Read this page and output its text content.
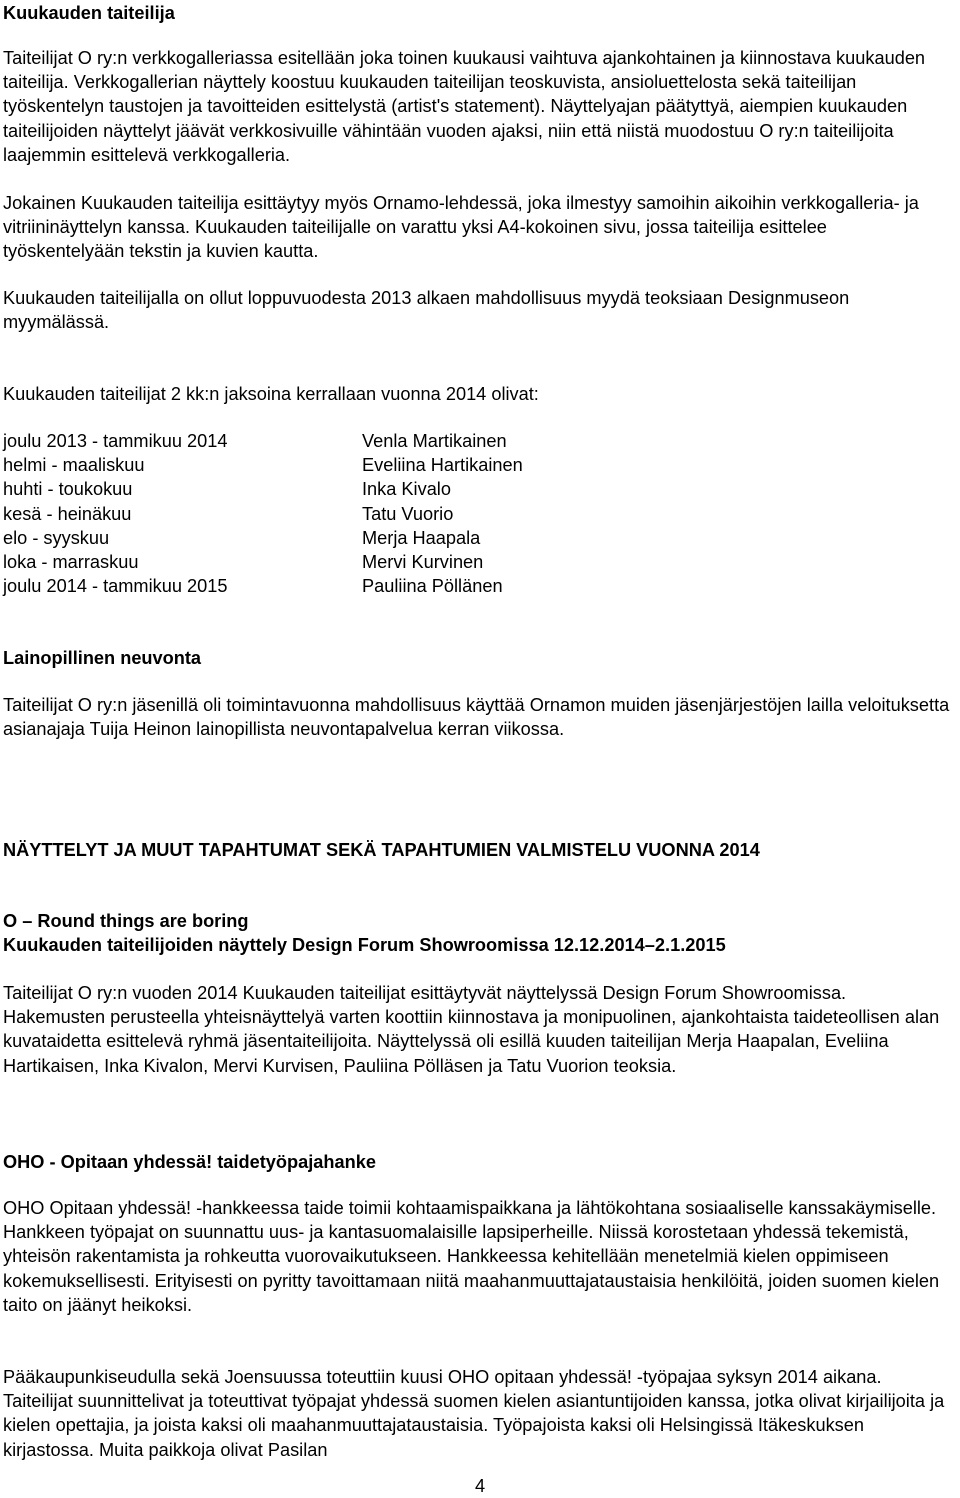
Kuukauden taiteilija

Taiteilijat O ry:n verkkogalleriassa esitellään joka toinen kuukausi vaihtuva ajankohtainen ja kiinnostava kuukauden taiteilija. Verkkogallerian näyttely koostuu kuukauden taiteilijan teoskuvista, ansioluettelosta sekä taiteilijan työskentelyn taustojen ja tavoitteiden esittelystä (artist's statement). Näyttelyajan päätyttyä, aiempien kuukauden taiteilijoiden näyttelyt jäävät verkkosivuille vähintään vuoden ajaksi, niin että niistä muodostuu O ry:n taiteilijoita laajemmin esittelevä verkkogalleria.

Jokainen Kuukauden taiteilija esittäytyy myös Ornamo-lehdessä, joka ilmestyy samoihin aikoihin verkkogalleria- ja vitriininäyttelyn kanssa. Kuukauden taiteilijalle on varattu yksi A4-kokoinen sivu, jossa taiteilija esittelee työskentelyään tekstin ja kuvien kautta.

Kuukauden taiteilijalla on ollut loppuvuodesta 2013 alkaen mahdollisuus myydä teoksiaan Designmuseon myymälässä.

Kuukauden taiteilijat 2 kk:n jaksoina kerrallaan vuonna 2014 olivat:

joulu 2013 - tammikuu 2014	Venla Martikainen
helmi - maaliskuu	Eveliina Hartikainen
huhti - toukokuu	Inka Kivalo
kesä - heinäkuu	Tatu Vuorio
elo - syyskuu	Merja Haapala
loka - marraskuu	Mervi Kurvinen
joulu 2014 - tammikuu 2015	Pauliina Pöllänen
Lainopillinen neuvonta

Taiteilijat O ry:n jäsenillä oli toimintavuonna mahdollisuus käyttää Ornamon muiden jäsenjärjestöjen lailla veloituksetta asianajaja Tuija Heinon lainopillista neuvontapalvelua kerran viikossa.

NÄYTTELYT JA MUUT TAPAHTUMAT SEKÄ TAPAHTUMIEN VALMISTELU VUONNA 2014
O – Round things are boring
Kuukauden taiteilijoiden näyttely Design Forum Showroomissa 12.12.2014–2.1.2015

Taiteilijat O ry:n vuoden 2014 Kuukauden taiteilijat esittäytyvät näyttelyssä Design Forum Showroomissa. Hakemusten perusteella yhteisnäyttelyä varten koottiin kiinnostava ja monipuolinen, ajankohtaista taideteollisen alan kuvataidetta esittelevä ryhmä jäsentaiteilijoita. Näyttelyssä oli esillä kuuden taiteilijan Merja Haapalan, Eveliina Hartikaisen, Inka Kivalon, Mervi Kurvisen, Pauliina Pölläsen ja Tatu Vuorion teoksia.

OHO - Opitaan yhdessä! taidetyöpajahanke

OHO Opitaan yhdessä! -hankkeessa taide toimii kohtaamispaikkana ja lähtökohtana sosiaaliselle kanssakäymiselle. Hankkeen työpajat on suunnattu uus- ja kantasuomalaisille lapsiperheille. Niissä korostetaan yhdessä tekemistä, yhteisön rakentamista ja rohkeutta vuorovaikutukseen. Hankkeessa kehitellään menetelmiä kielen oppimiseen kokemuksellisesti. Erityisesti on pyritty tavoittamaan niitä maahanmuuttajataustaisia henkilöitä, joiden suomen kielen taito on jäänyt heikoksi.

Pääkaupunkiseudulla sekä Joensuussa toteuttiin kuusi OHO opitaan yhdessä! -työpajaa syksyn 2014 aikana. Taiteilijat suunnittelivat ja toteuttivat työpajat yhdessä suomen kielen asiantuntijoiden kanssa, jotka olivat kirjailijoita ja kielen opettajia, ja joista kaksi oli maahanmuuttajataustaisia. Työpajoista kaksi oli Helsingissä Itäkeskuksen kirjastossa. Muita paikkoja olivat Pasilan

4
